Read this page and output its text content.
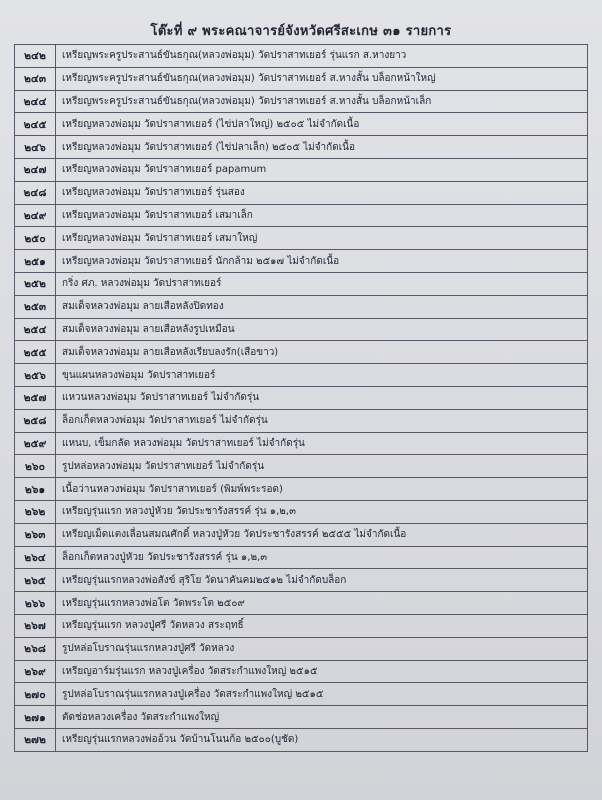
โต๊ะที่ ๙ พระคณาจารย์จังหวัดศรีสะเกษ ๓๑ รายการ
๒๔๒	เหรียญพระครูประสานธ์ขันธกุณ(หลวงพ่อมุม) วัดปราสาทเยอร์ รุ่นแรก ส.หางยาว
๒๔๓	เหรียญพระครูประสานธ์ขันธกุณ(หลวงพ่อมุม) วัดปราสาทเยอร์ ส.หางสั้น บล็อกหน้าใหญ่
๒๔๔	เหรียญพระครูประสานธ์ขันธกุณ(หลวงพ่อมุม) วัดปราสาทเยอร์ ส.หางสั้น บล็อกหน้าเล็ก
๒๔๕	เหรียญหลวงพ่อมุม วัดปราสาทเยอร์ (ไข่ปลาใหญ่) ๒๕๐๕ ไม่จำกัดเนื้อ
๒๔๖	เหรียญหลวงพ่อมุม วัดปราสาทเยอร์ (ไข่ปลาเล็ก) ๒๕๐๕ ไม่จำกัดเนื้อ
๒๔๗	เหรียญหลวงพ่อมุม วัดปราสาทเยอร์ papamum
๒๔๘	เหรียญหลวงพ่อมุม วัดปราสาทเยอร์ รุ่นสอง
๒๔๙	เหรียญหลวงพ่อมุม วัดปราสาทเยอร์ เสมาเล็ก
๒๕๐	เหรียญหลวงพ่อมุม วัดปราสาทเยอร์ เสมาใหญ่
๒๕๑	เหรียญหลวงพ่อมุม วัดปราสาทเยอร์ นักกล้าม ๒๕๑๗ ไม่จำกัดเนื้อ
๒๕๒	กริ่ง ศภ. หลวงพ่อมุม วัดปราสาทเยอร์
๒๕๓	สมเด็จหลวงพ่อมุม ลายเสือหลังปิดทอง
๒๕๔	สมเด็จหลวงพ่อมุม ลายเสือหลังรูปเหมือน
๒๕๕	สมเด็จหลวงพ่อมุม ลายเสือหลังเรียบลงรัก(เสือขาว)
๒๕๖	ขุนแผนหลวงพ่อมุม วัดปราสาทเยอร์
๒๕๗	แหวนหลวงพ่อมุม วัดปราสาทเยอร์ ไม่จำกัดรุ่น
๒๕๘	ล็อกเก็ตหลวงพ่อมุม วัดปราสาทเยอร์ ไม่จำกัดรุ่น
๒๕๙	แหนบ, เข็มกลัด หลวงพ่อมุม วัดปราสาทเยอร์ ไม่จำกัดรุ่น
๒๖๐	รูปหล่อหลวงพ่อมุม วัดปราสาทเยอร์ ไม่จำกัดรุ่น
๒๖๑	เนื้อว่านหลวงพ่อมุม วัดปราสาทเยอร์ (พิมพ์พระรอด)
๒๖๒	เหรียญรุ่นแรก หลวงปู่หัวย วัดประชารังสรรค์ รุ่น ๑,๒,๓
๒๖๓	เหรียญเม็ดแตงเลื่อนสมณศักดิ์ หลวงปู่หัวย วัดประชารังสรรค์ ๒๕๕๕ ไม่จำกัดเนื้อ
๒๖๔	ล็อกเก็ตหลวงปู่หัวย วัดประชารังสรรค์ รุ่น ๑,๒,๓
๒๖๕	เหรียญรุ่นแรกหลวงพ่อสังข์ สุริโย วัดนาคันคม๒๕๑๒ ไม่จำกัดบล็อก
๒๖๖	เหรียญรุ่นแรกหลวงพ่อโต วัดพระโต ๒๕๐๙
๒๖๗	เหรียญรุ่นแรก หลวงปู่ศรี วัดหลวง สระฤทธิ์
๒๖๘	รูปหล่อโบราณรุ่นแรกหลวงปู่ศรี วัดหลวง
๒๖๙	เหรียญอาร์มรุ่นแรก หลวงปู่เครื่อง วัดสระกำแพงใหญ่ ๒๕๑๕
๒๗๐	รูปหล่อโบราณรุ่นแรกหลวงปู่เครื่อง วัดสระกำแพงใหญ่ ๒๕๑๕
๒๗๑	ตัดช่อหลวงเครื่อง วัดสระกำแพงใหญ่
๒๗๒	เหรียญรุ่นแรกหลวงพ่ออ้วน วัดบ้านโนนก้อ ๒๕๐๐(บูชัด)
